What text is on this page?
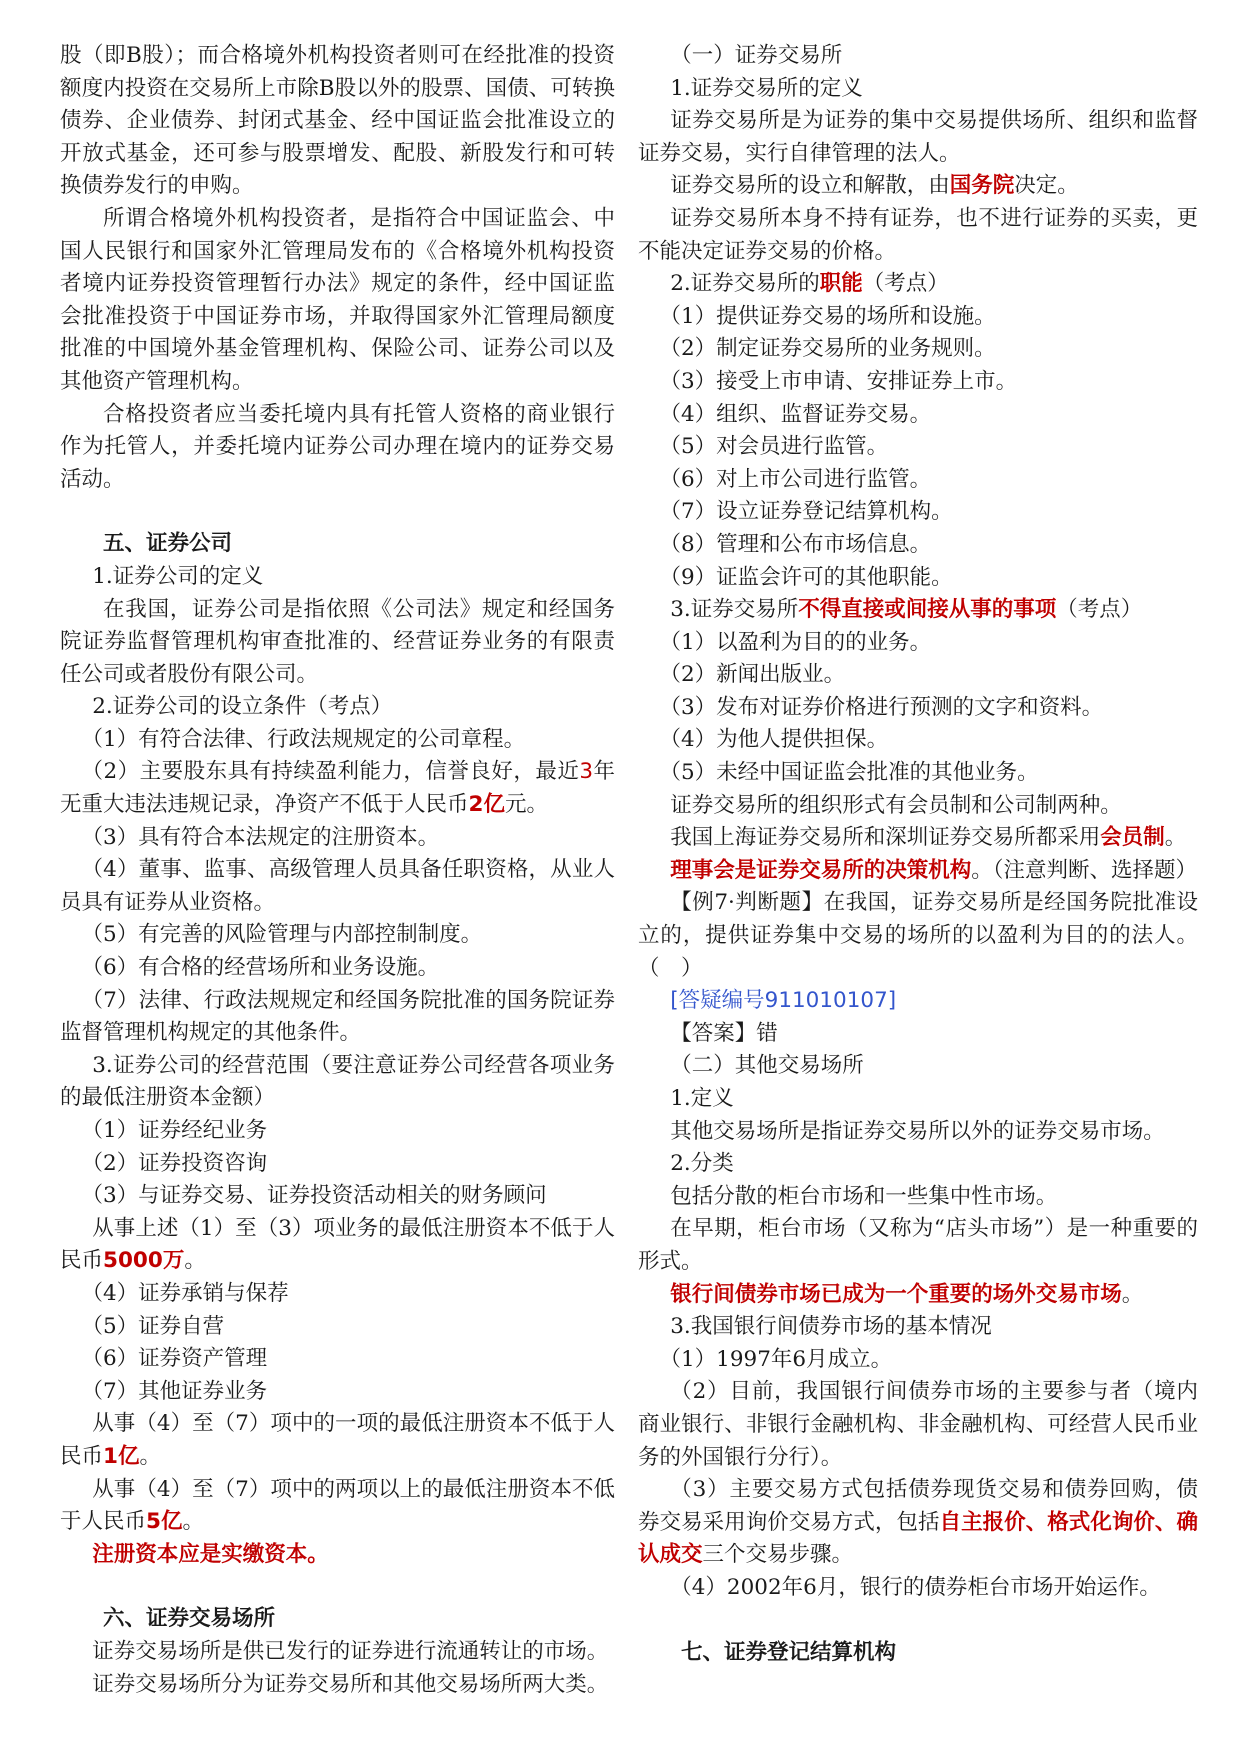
股（即B股）；而合格境外机构投资者则可在经批准的投资额度内投资在交易所上市除B股以外的股票、国债、可转换债券、企业债券、封闭式基金、经中国证监会批准设立的开放式基金，还可参与股票增发、配股、新股发行和可转换债券发行的申购。

所谓合格境外机构投资者，是指符合中国证监会、中国人民银行和国家外汇管理局发布的《合格境外机构投资者境内证券投资管理暂行办法》规定的条件，经中国证监会批准投资于中国证券市场，并取得国家外汇管理局额度批准的中国境外基金管理机构、保险公司、证券公司以及其他资产管理机构。

合格投资者应当委托境内具有托管人资格的商业银行作为托管人，并委托境内证券公司办理在境内的证券交易活动。

五、证券公司

1.证券公司的定义

在我国，证券公司是指依照《公司法》规定和经国务院证券监督管理机构审查批准的、经营证券业务的有限责任公司或者股份有限公司。

2.证券公司的设立条件（考点）

（1）有符合法律、行政法规规定的公司章程。

（2）主要股东具有持续盈利能力，信誉良好，最近3年无重大违法违规记录，净资产不低于人民币2亿元。

（3）具有符合本法规定的注册资本。

（4）董事、监事、高级管理人员具备任职资格，从业人员具有证券从业资格。

（5）有完善的风险管理与内部控制制度。

（6）有合格的经营场所和业务设施。

（7）法律、行政法规规定和经国务院批准的国务院证券监督管理机构规定的其他条件。

3.证券公司的经营范围（要注意证券公司经营各项业务的最低注册资本金额）

（1）证券经纪业务

（2）证券投资咨询

（3）与证券交易、证券投资活动相关的财务顾问

从事上述（1）至（3）项业务的最低注册资本不低于人民币5000万。

（4）证券承销与保荐

（5）证券自营

（6）证券资产管理

（7）其他证券业务

从事（4）至（7）项中的一项的最低注册资本不低于人民币1亿。

从事（4）至（7）项中的两项以上的最低注册资本不低于人民币5亿。

注册资本应是实缴资本。

六、证券交易场所

证券交易场所是供已发行的证券进行流通转让的市场。

证券交易场所分为证券交易所和其他交易场所两大类。

（一）证券交易所

1.证券交易所的定义

证券交易所是为证券的集中交易提供场所、组织和监督证券交易，实行自律管理的法人。

证券交易所的设立和解散，由国务院决定。

证券交易所本身不持有证券，也不进行证券的买卖，更不能决定证券交易的价格。

2.证券交易所的职能（考点）

（1）提供证券交易的场所和设施。

（2）制定证券交易所的业务规则。

（3）接受上市申请、安排证券上市。

（4）组织、监督证券交易。

（5）对会员进行监管。

（6）对上市公司进行监管。

（7）设立证券登记结算机构。

（8）管理和公布市场信息。

（9）证监会许可的其他职能。

3.证券交易所不得直接或间接从事的事项（考点）

（1）以盈利为目的的业务。

（2）新闻出版业。

（3）发布对证券价格进行预测的文字和资料。

（4）为他人提供担保。

（5）未经中国证监会批准的其他业务。

证券交易所的组织形式有会员制和公司制两种。

我国上海证券交易所和深圳证券交易所都采用会员制。

理事会是证券交易所的决策机构。（注意判断、选择题）

【例7·判断题】在我国，证券交易所是经国务院批准设立的，提供证券集中交易的场所的以盈利为目的的法人。（　）

[答疑编号911010107]

【答案】错

（二）其他交易场所

1.定义

其他交易场所是指证券交易所以外的证券交易市场。

2.分类

包括分散的柜台市场和一些集中性市场。

在早期，柜台市场（又称为“店头市场”）是一种重要的形式。

银行间债券市场已成为一个重要的场外交易市场。

3.我国银行间债券市场的基本情况

（1）1997年6月成立。

（2）目前，我国银行间债券市场的主要参与者（境内商业银行、非银行金融机构、非金融机构、可经营人民币业务的外国银行分行）。

（3）主要交易方式包括债券现货交易和债券回购，债券交易采用询价交易方式，包括自主报价、格式化询价、确认成交三个交易步骤。

（4）2002年6月，银行的债券柜台市场开始运作。

七、证券登记结算机构
